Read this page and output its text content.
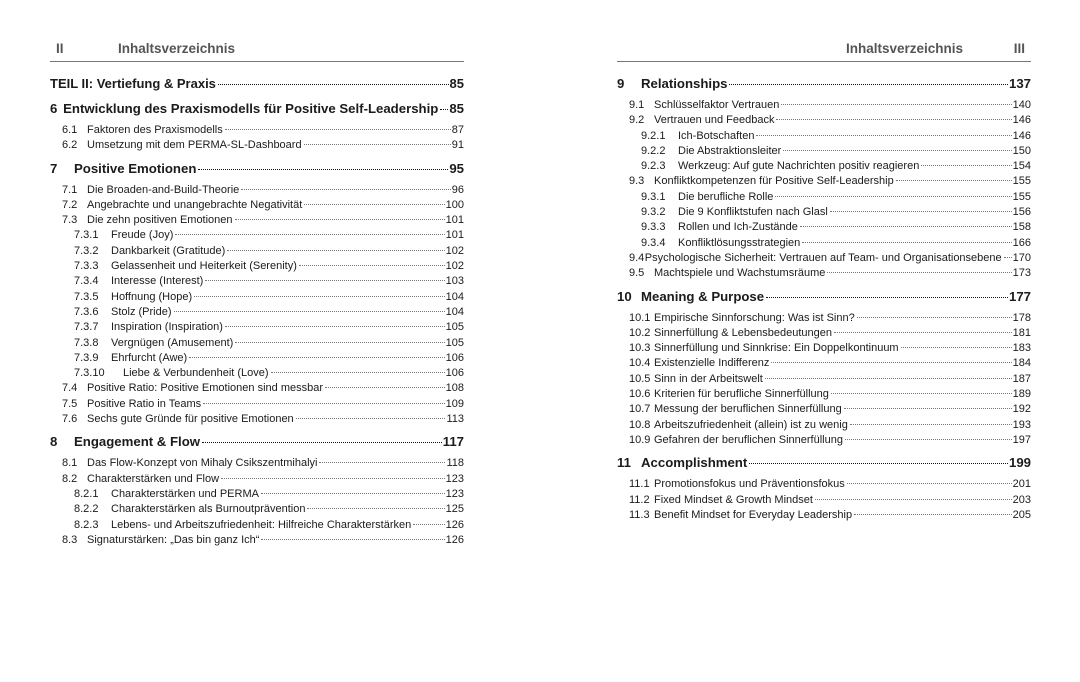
II	Inhaltsverzeichnis
TEIL II: Vertiefung & Praxis	85
6 Entwicklung des Praxismodells für Positive Self-Leadership 85
6.1 Faktoren des Praxismodells	87
6.2 Umsetzung mit dem PERMA-SL-Dashboard	91
7	Positive Emotionen	95
7.1 Die Broaden-and-Build-Theorie	96
7.2 Angebrachte und unangebrachte Negativität	100
7.3 Die zehn positiven Emotionen	101
7.3.1	Freude (Joy)	101
7.3.2	Dankbarkeit (Gratitude)	102
7.3.3	Gelassenheit und Heiterkeit (Serenity)	102
7.3.4	Interesse (Interest)	103
7.3.5	Hoffnung (Hope)	104
7.3.6	Stolz (Pride)	104
7.3.7	Inspiration (Inspiration)	105
7.3.8	Vergnügen (Amusement)	105
7.3.9	Ehrfurcht (Awe)	106
7.3.10	Liebe & Verbundenheit (Love)	106
7.4 Positive Ratio: Positive Emotionen sind messbar	108
7.5 Positive Ratio in Teams	109
7.6 Sechs gute Gründe für positive Emotionen	113
8	Engagement & Flow	117
8.1 Das Flow-Konzept von Mihaly Csikszentmihalyi	118
8.2 Charakterstärken und Flow	123
8.2.1	Charakterstärken und PERMA	123
8.2.2	Charakterstärken als Burnoutprävention	125
8.2.3	Lebens- und Arbeitszufriedenheit: Hilfreiche Charakterstärken	126
8.3 Signaturstärken: „Das bin ganz Ich“	126
Inhaltsverzeichnis	III
9	Relationships	137
9.1 Schlüsselfaktor Vertrauen	140
9.2 Vertrauen und Feedback	146
9.2.1	Ich-Botschaften	146
9.2.2	Die Abstraktionsleiter	150
9.2.3	Werkzeug: Auf gute Nachrichten positiv reagieren	154
9.3 Konfliktkompetenzen für Positive Self-Leadership	155
9.3.1	Die berufliche Rolle	155
9.3.2	Die 9 Konfliktstufen nach Glasl	156
9.3.3	Rollen und Ich-Zustände	158
9.3.4	Konfliktlösungsstrategien	166
9.4 Psychologische Sicherheit: Vertrauen auf Team- und Organisationsebene 170
9.5 Machtspiele und Wachstumsräume	173
10 Meaning & Purpose	177
10.1 Empirische Sinnforschung: Was ist Sinn?	178
10.2 Sinnerfüllung & Lebensbedeutungen	181
10.3 Sinnerfüllung und Sinnkrise: Ein Doppelkontinuum	183
10.4 Existenzielle Indifferenz	184
10.5 Sinn in der Arbeitswelt	187
10.6 Kriterien für berufliche Sinnerfüllung	189
10.7 Messung der beruflichen Sinnerfüllung	192
10.8 Arbeitszufriedenheit (allein) ist zu wenig	193
10.9 Gefahren der beruflichen Sinnerfüllung	197
11 Accomplishment	199
11.1 Promotionsfokus und Präventionsfokus	201
11.2 Fixed Mindset & Growth Mindset	203
11.3 Benefit Mindset for Everyday Leadership	205
